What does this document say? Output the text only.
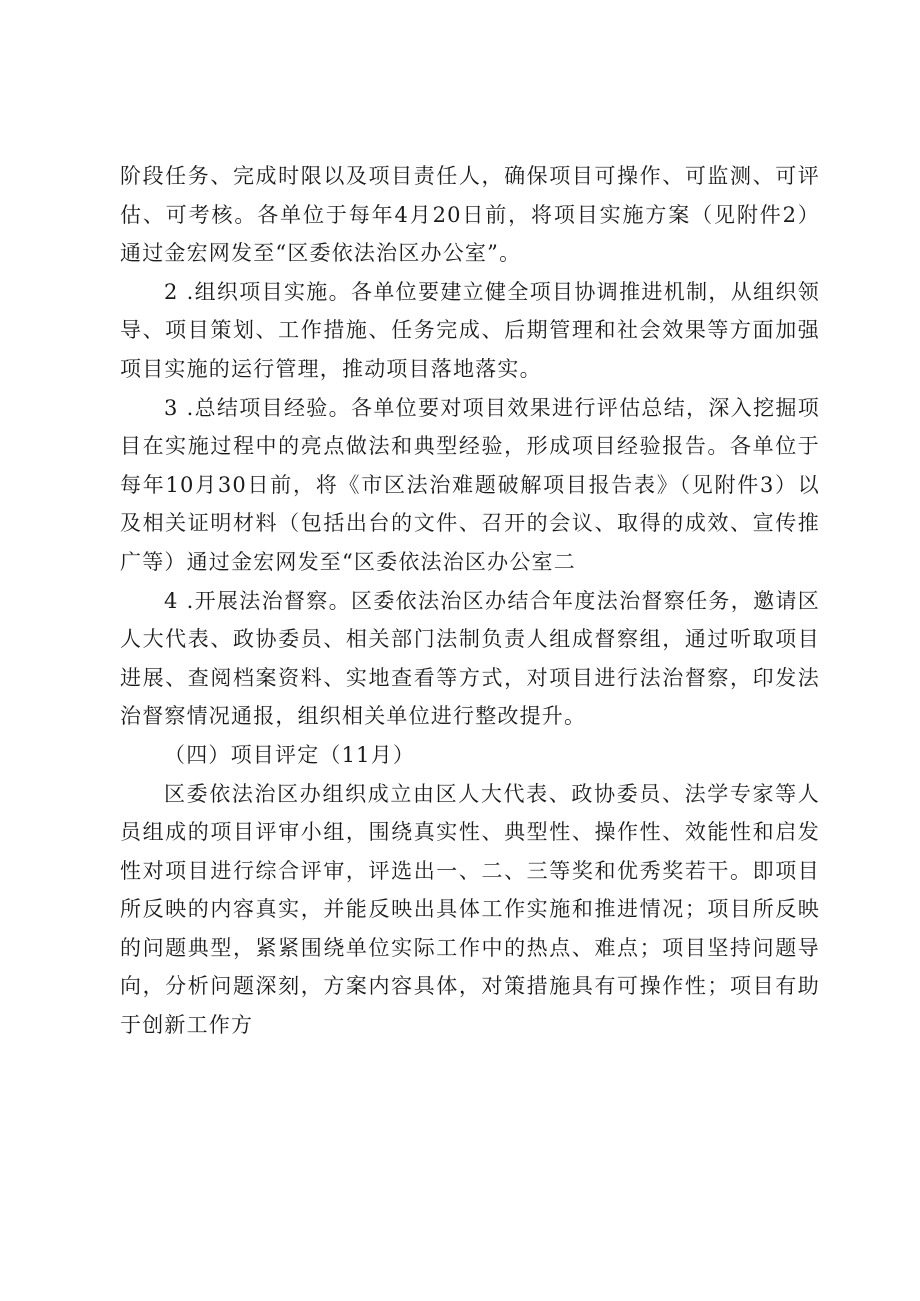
阶段任务、完成时限以及项目责任人，确保项目可操作、可监测、可评估、可考核。各单位于每年4月20日前，将项目实施方案（见附件2）通过金宏网发至“区委依法治区办公室”。

2 .组织项目实施。各单位要建立健全项目协调推进机制，从组织领导、项目策划、工作措施、任务完成、后期管理和社会效果等方面加强项目实施的运行管理，推动项目落地落实。

3 .总结项目经验。各单位要对项目效果进行评估总结，深入挖掘项目在实施过程中的亮点做法和典型经验，形成项目经验报告。各单位于每年10月30日前，将《市区法治难题破解项目报告表》（见附件3）以及相关证明材料（包括出台的文件、召开的会议、取得的成效、宣传推广等）通过金宏网发至“区委依法治区办公室二

4 .开展法治督察。区委依法治区办结合年度法治督察任务，邀请区人大代表、政协委员、相关部门法制负责人组成督察组，通过听取项目进展、查阅档案资料、实地查看等方式，对项目进行法治督察，印发法治督察情况通报，组织相关单位进行整改提升。

（四）项目评定（11月）

区委依法治区办组织成立由区人大代表、政协委员、法学专家等人员组成的项目评审小组，围绕真实性、典型性、操作性、效能性和启发性对项目进行综合评审，评选出一、二、三等奖和优秀奖若干。即项目所反映的内容真实，并能反映出具体工作实施和推进情况；项目所反映的问题典型，紧紧围绕单位实际工作中的热点、难点；项目坚持问题导向，分析问题深刻，方案内容具体，对策措施具有可操作性；项目有助于创新工作方
